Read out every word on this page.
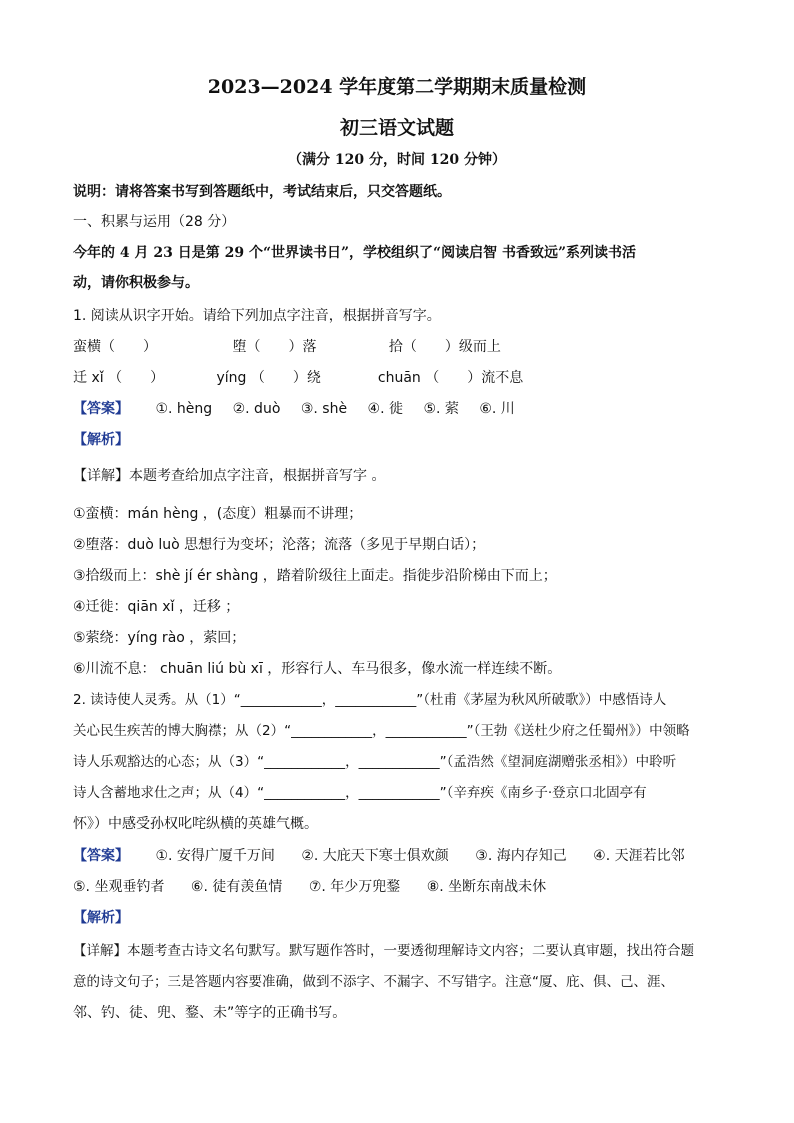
2023—2024 学年度第二学期期末质量检测
初三语文试题
（满分 120 分，时间 120 分钟）
说明：请将答案书写到答题纸中，考试结束后，只交答题纸。
一、积累与运用（28 分）
今年的 4 月 23 日是第 29 个“世界读书日”，学校组织了“阅读启智 书香致远”系列读书活
动，请你积极参与。
1. 阅读从识字开始。请给下列加点字注音，根据拼音写字。
蛮横（　　）	堕（　　）落	拾（　　）级而上
迁 xǐ （　　）	yíng （　　）绕	chuān （　　）流不息
【答案】 ①. hèng ②. duò ③. shè ④. 徙 ⑤. 萦 ⑥. 川
【解析】
【详解】本题考查给加点字注音，根据拼音写字 。
①蛮横：mán hèng ，(态度）粗暴而不讲理；
②堕落：duò luò 思想行为变坏；沦落；流落（多见于早期白话）；
③拾级而上：shè jí ér shàng ，踏着阶级往上面走。指徙步沿阶梯由下而上；
④迁徙：qiān xǐ ，迁移 ；
⑤萦绕：yíng rào ，萦回；
⑥川流不息： chuān liú bù xī ，形容行人、车马很多，像水流一样连续不断。
2. 读诗使人灵秀。从（1）“____________，____________”（杜甫《茅屋为秋风所破歌》）中感悟诗人
关心民生疾苦的博大胸襟；从（2）“____________，____________”（王勃《送杜少府之任蜀州》）中领略
诗人乐观豁达的心态；从（3）“____________，____________”（孟浩然《望洞庭湖赠张丞相》）中聆听
诗人含蓄地求仕之声；从（4）“____________，____________”（辛弃疾《南乡子·登京口北固亭有
怀》）中感受孙权叱咤纵横的英雄气概。
【答案】 ①. 安得广厦千万间 ②. 大庇天下寒士俱欢颜 ③. 海内存知己 ④. 天涯若比邻
⑤. 坐观垂钓者 ⑥. 徒有羡鱼情 ⑦. 年少万兜鍪 ⑧. 坐断东南战未休
【解析】
【详解】本题考查古诗文名句默写。默写题作答时，一要透彻理解诗文内容；二要认真审题，找出符合题
意的诗文句子；三是答题内容要准确，做到不添字、不漏字、不写错字。注意“厦、庇、俱、己、涯、
邻、钓、徒、兜、鍪、未”等字的正确书写。
